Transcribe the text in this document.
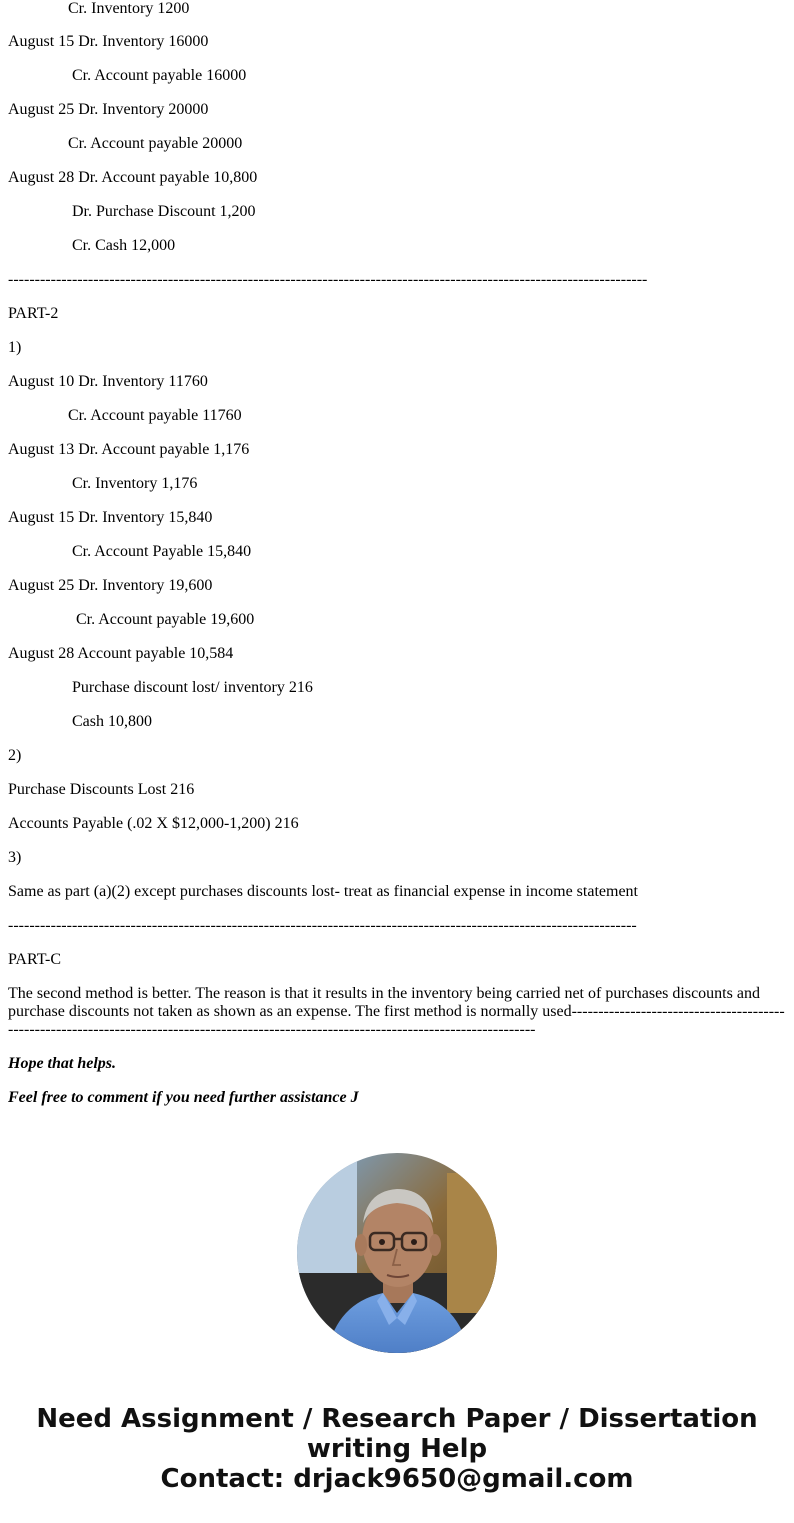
Cr. Inventory 1200
August 15 Dr. Inventory 16000
Cr. Account payable 16000
August 25 Dr. Inventory 20000
Cr. Account payable 20000
August 28 Dr. Account payable 10,800
Dr. Purchase Discount 1,200
Cr. Cash 12,000
------------------------------------------------------------------------------------------------------------------------
PART-2
1)
August 10 Dr. Inventory 11760
Cr. Account payable 11760
August 13 Dr. Account payable 1,176
Cr. Inventory 1,176
August 15 Dr. Inventory 15,840
Cr. Account Payable 15,840
August 25 Dr. Inventory 19,600
Cr. Account payable 19,600
August 28 Account payable 10,584
Purchase discount lost/ inventory 216
Cash 10,800
2)
Purchase Discounts Lost 216
Accounts Payable (.02 X $12,000-1,200) 216
3)
Same as part (a)(2) except purchases discounts lost- treat as financial expense in income statement
----------------------------------------------------------------------------------------------------------------------
PART-C
The second method is better. The reason is that it results in the inventory being carried net of purchases discounts and purchase discounts not taken as shown as an expense. The first method is normally used-------------------------------------------------------------------------------------------------------------------------------------------
Hope that helps.
Feel free to comment if you need further assistance J
Need Assignment / Research Paper / Dissertation
writing Help
Contact: drjack9650@gmail.com
